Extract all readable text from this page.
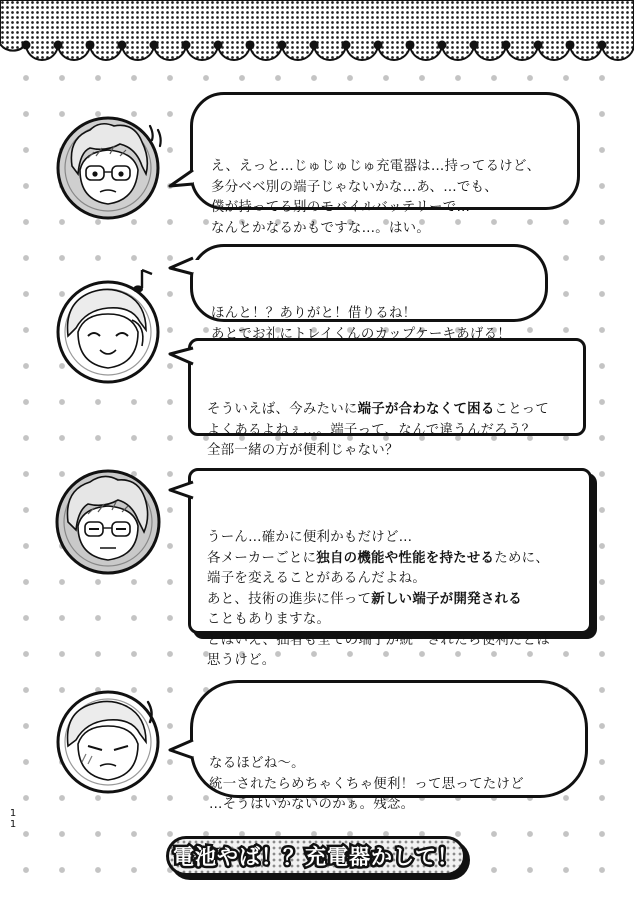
え、えっと…じゅじゅじゅ充電器は…持ってるけど、
多分ベベ別の端子じゃないかな…あ、…でも、
僕が持ってる別のモバイルバッテリーで…
なんとかなるかもですな…。はい。

ほんと！？ありがと！借りるね！
あとでお礼にトレイくんのカップケーキあげる！

そういえば、今みたいに端子が合わなくて困ることって
よくあるよねぇ…。端子って、なんで違うんだろう？
全部一緒の方が便利じゃない？

うーん…確かに便利かもだけど…
各メーカーごとに独自の機能や性能を持たせるために、
端子を変えることがあるんだよね。
あと、技術の進歩に伴って新しい端子が開発される
こともありますな。
とはいえ、拙者も全ての端子が統一されたら便利だとは
思うけど。

なるほどね～。
統一されたらめちゃくちゃ便利！って思ってたけど
…そうはいかないのかぁ。残念。

1
1
電池やば！？充電器かして！
